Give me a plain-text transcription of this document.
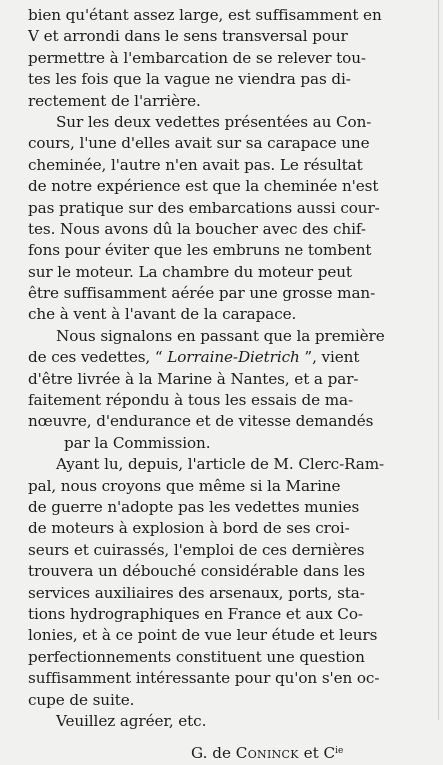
bien qu'étant assez large, est suffisamment en
V et arrondi dans le sens transversal pour
permettre à l'embarcation de se relever tou-
tes les fois que la vague ne viendra pas di-
rectement de l'arrière.

Sur les deux vedettes présentées au Con-
cours, l'une d'elles avait sur sa carapace une
cheminée, l'autre n'en avait pas. Le résultat
de notre expérience est que la cheminée n'est
pas pratique sur des embarcations aussi cour-
tes. Nous avons dû la boucher avec des chif-
fons pour éviter que les embruns ne tombent
sur le moteur. La chambre du moteur peut
être suffisamment aérée par une grosse man-
che à vent à l'avant de la carapace.

Nous signalons en passant que la première
de ces vedettes, “ Lorraine-Dietrich ”, vient
d'être livrée à la Marine à Nantes, et a par-
faitement répondu à tous les essais de ma-
nœuvre, d'endurance et de vitesse demandés
par la Commission.

Ayant lu, depuis, l'article de M. Clerc-Ram-
pal, nous croyons que même si la Marine
de guerre n'adopte pas les vedettes munies
de moteurs à explosion à bord de ses croi-
seurs et cuirassés, l'emploi de ces dernières
trouvera un débouché considérable dans les
services auxiliaires des arsenaux, ports, sta-
tions hydrographiques en France et aux Co-
lonies, et à ce point de vue leur étude et leurs
perfectionnements constituent une question
suffisamment intéressante pour qu'on s'en oc-
cupe de suite.

Veuillez agréer, etc.

G. de Coninck et $C^{ie}$
